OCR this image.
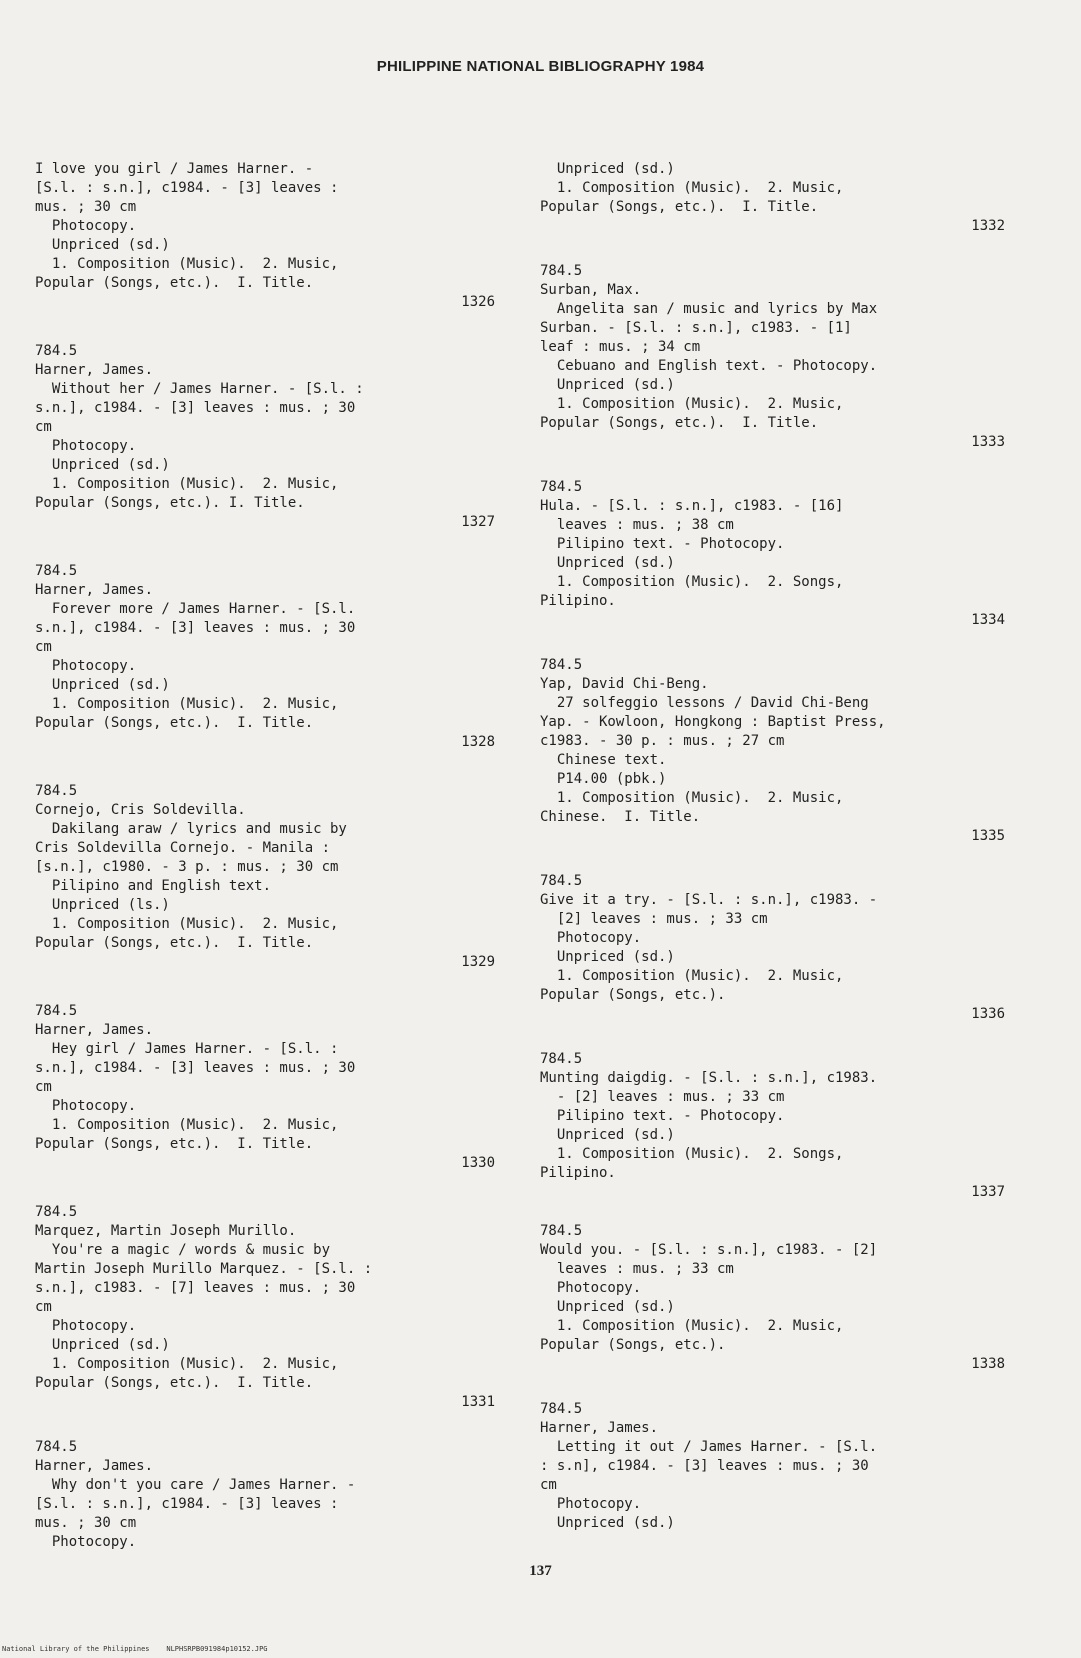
PHILIPPINE NATIONAL BIBLIOGRAPHY 1984
I love you girl / James Harner. -
[S.l. : s.n.], c1984. - [3] leaves :
mus. ; 30 cm
Photocopy.
Unpriced (sd.)
1. Composition (Music).  2. Music,
Popular (Songs, etc.).  I. Title.
1326
784.5
Harner, James.
Without her / James Harner. - [S.l. :
s.n.], c1984. - [3] leaves : mus. ; 30
cm
Photocopy.
Unpriced (sd.)
1. Composition (Music).  2. Music,
Popular (Songs, etc.). I. Title.
1327
784.5
Harner, James.
Forever more / James Harner. - [S.l.
s.n.], c1984. - [3] leaves : mus. ; 30
cm
Photocopy.
Unpriced (sd.)
1. Composition (Music).  2. Music,
Popular (Songs, etc.).  I. Title.
1328
784.5
Cornejo, Cris Soldevilla.
Dakilang araw / lyrics and music by
Cris Soldevilla Cornejo. - Manila :
[s.n.], c1980. - 3 p. : mus. ; 30 cm
Pilipino and English text.
Unpriced (ls.)
1. Composition (Music).  2. Music,
Popular (Songs, etc.).  I. Title.
1329
784.5
Harner, James.
Hey girl / James Harner. - [S.l. :
s.n.], c1984. - [3] leaves : mus. ; 30
cm
Photocopy.
1. Composition (Music).  2. Music,
Popular (Songs, etc.).  I. Title.
1330
784.5
Marquez, Martin Joseph Murillo.
You're a magic / words & music by
Martin Joseph Murillo Marquez. - [S.l. :
s.n.], c1983. - [7] leaves : mus. ; 30
cm
Photocopy.
Unpriced (sd.)
1. Composition (Music).  2. Music,
Popular (Songs, etc.).  I. Title.
1331
784.5
Harner, James.
Why don't you care / James Harner. -
[S.l. : s.n.], c1984. - [3] leaves :
mus. ; 30 cm
Photocopy.
Unpriced (sd.)
1. Composition (Music).  2. Music,
Popular (Songs, etc.).  I. Title.
1332
784.5
Surban, Max.
Angelita san / music and lyrics by Max
Surban. - [S.l. : s.n.], c1983. - [1]
leaf : mus. ; 34 cm
Cebuano and English text. - Photocopy.
Unpriced (sd.)
1. Composition (Music).  2. Music,
Popular (Songs, etc.).  I. Title.
1333
784.5
Hula. - [S.l. : s.n.], c1983. - [16]
leaves : mus. ; 38 cm
Pilipino text. - Photocopy.
Unpriced (sd.)
1. Composition (Music).  2. Songs,
Pilipino.
1334
784.5
Yap, David Chi-Beng.
27 solfeggio lessons / David Chi-Beng
Yap. - Kowloon, Hongkong : Baptist Press,
c1983. - 30 p. : mus. ; 27 cm
Chinese text.
P14.00 (pbk.)
1. Composition (Music).  2. Music,
Chinese.  I. Title.
1335
784.5
Give it a try. - [S.l. : s.n.], c1983. -
[2] leaves : mus. ; 33 cm
Photocopy.
Unpriced (sd.)
1. Composition (Music).  2. Music,
Popular (Songs, etc.).
1336
784.5
Munting daigdig. - [S.l. : s.n.], c1983.
- [2] leaves : mus. ; 33 cm
Pilipino text. - Photocopy.
Unpriced (sd.)
1. Composition (Music).  2. Songs,
Pilipino.
1337
784.5
Would you. - [S.l. : s.n.], c1983. - [2]
leaves : mus. ; 33 cm
Photocopy.
Unpriced (sd.)
1. Composition (Music).  2. Music,
Popular (Songs, etc.).
1338
784.5
Harner, James.
Letting it out / James Harner. - [S.l.
: s.n], c1984. - [3] leaves : mus. ; 30
cm
Photocopy.
Unpriced (sd.)
137
National Library of the Philippines    NLPHSRPB091984p10152.JPG
